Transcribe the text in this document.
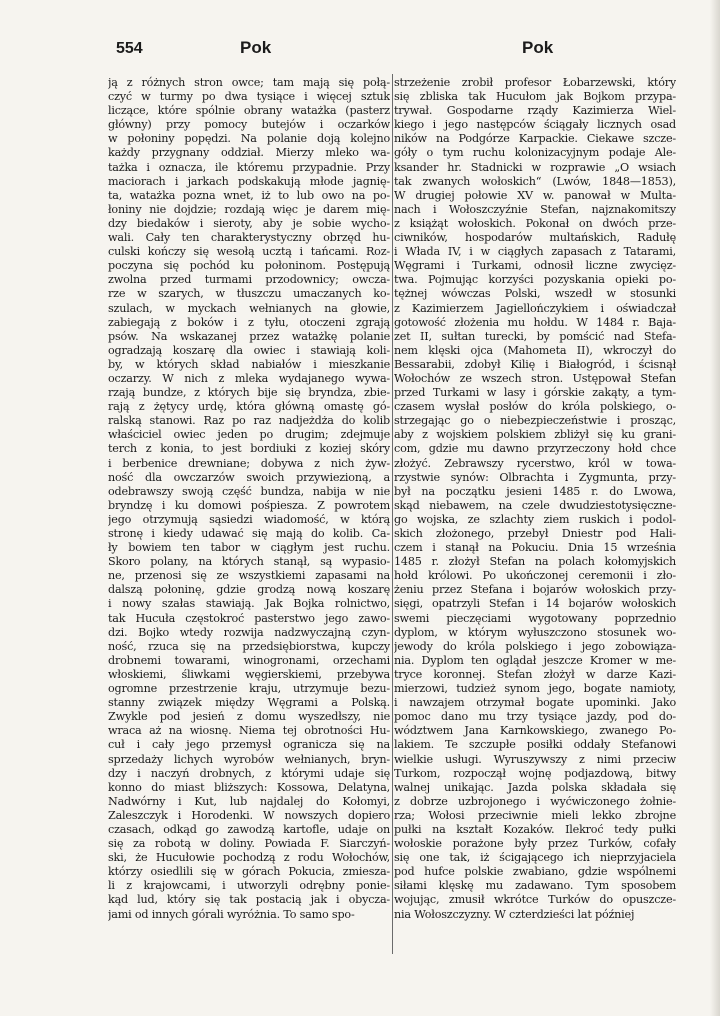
554	Pok	Pok
ją z różnych stron owce; tam mają się połą-
czyć w turmy po dwa tysiące i więcej sztuk
liczące, które spólnie obrany watażka (pasterz
główny) przy pomocy butejów i oczarków
w połoniny popędzi. Na polanie doją kolejno
każdy przygnany oddział. Mierzy mleko wa-
tażka i oznacza, ile któremu przypadnie. Przy
maciorach i jarkach podskakują młode jagnię-
ta, watażka pozna wnet, iż to lub owo na po-
łoniny nie dojdzie; rozdają więc je darem mię-
dzy biedaków i sieroty, aby je sobie wycho-
wali. Cały ten charakterystyczny obrzęd hu-
culski kończy się wesołą ucztą i tańcami. Roz-
poczyna się pochód ku połoninom. Postępują
zwolna przed turmami przodownicy; owcza-
rze w szarych, w tłuszczu umaczanych ko-
szulach, w myckach wełnianych na głowie,
zabiegają z boków i z tyłu, otoczeni zgrają
psów. Na wskazanej przez watażkę polanie
ogradzają koszarę dla owiec i stawiają koli-
by, w których skład nabiałów i mieszkanie
oczarzy. W nich z mleka wydajanego wywa-
rzają bundze, z których bije się bryndza, zbie-
rają z żętycy urdę, która główną omastę gó-
ralską stanowi. Raz po raz nadjeżdża do kolib
właściciel owiec jeden po drugim; zdejmuje
terch z konia, to jest bordiuki z koziej skóry
i berbenice drewniane; dobywa z nich żyw-
ność dla owczarzów swoich przywiezioną, a
odebrawszy swoją część bundza, nabija w nie
bryndzę i ku domowi pośpiesza. Z powrotem
jego otrzymują sąsiedzi wiadomość, w którą
stronę i kiedy udawać się mają do kolib. Ca-
ły bowiem ten tabor w ciągłym jest ruchu.
Skoro polany, na których stanął, są wypasio-
ne, przenosi się ze wszystkiemi zapasami na
dalszą połoninę, gdzie grodzą nową koszarę
i nowy szałas stawiają. Jak Bojka rolnictwo,
tak Hucuła częstokroć pasterstwo jego zawo-
dzi. Bojko wtedy rozwija nadzwyczajną czyn-
ność, rzuca się na przedsiębiorstwa, kupczy
drobnemi towarami, winogronami, orzechami
włoskiemi, śliwkami węgierskiemi, przebywa
ogromne przestrzenie kraju, utrzymuje bezu-
stanny związek między Węgrami a Polską.
Zwykle pod jesień z domu wyszedłszy, nie
wraca aż na wiosnę. Niema tej obrotności Hu-
cuł i cały jego przemysł ogranicza się na
sprzedaży lichych wyrobów wełnianych, bryn-
dzy i naczyń drobnych, z którymi udaje się
konno do miast bliższych: Kossowa, Delatyna,
Nadwórny i Kut, lub najdalej do Kołomyi,
Zaleszczyk i Horodenki. W nowszych dopiero
czasach, odkąd go zawodzą kartofle, udaje on
się za robotą w doliny. Powiada F. Siarczyń-
ski, że Hucułowie pochodzą z rodu Wołochów,
którzy osiedlili się w górach Pokucia, zmiesza-
li z krajowcami, i utworzyli odrębny ponie-
kąd lud, który się tak postacią jak i obycza-
jami od innych górali wyróżnia. To samo spo-
strzeżenie zrobił profesor Łobarzewski, który
się zbliska tak Hucułom jak Bojkom przypa-
trywał. Gospodarne rządy Kazimierza Wiel-
kiego i jego następców ściągały licznych osad
ników na Podgórze Karpackie. Ciekawe szcze-
góły o tym ruchu kolonizacyjnym podaje Ale-
ksander hr. Stadnicki w rozprawie „O wsiach
tak zwanych wołoskich“ (Lwów, 1848—1853),
W drugiej połowie XV w. panował w Multa-
nach i Wołoszczyźnie Stefan, najznakomitszy
z książąt wołoskich. Pokonał on dwóch prze-
ciwników, hospodarów multańskich, Radułę
i Włada IV, i w ciągłych zapasach z Tatarami,
Węgrami i Turkami, odnosił liczne zwycięz-
twa. Pojmując korzyści pozyskania opieki po-
tężnej wówczas Polski, wszedł w stosunki
z Kazimierzem Jagiellończykiem i oświadczał
gotowość złożenia mu hołdu. W 1484 r. Baja-
zet II, sułtan turecki, by pomścić nad Stefa-
nem klęski ojca (Mahometa II), wkroczył do
Bessarabii, zdobył Kilię i Białogród, i ścisnął
Wołochów ze wszech stron. Ustępował Stefan
przed Turkami w lasy i górskie zakąty, a tym-
czasem wysłał posłów do króla polskiego, o-
strzegając go o niebezpieczeństwie i prosząc,
aby z wojskiem polskiem zbliżył się ku grani-
com, gdzie mu dawno przyrzeczony hołd chce
złożyć. Zebrawszy rycerstwo, król w towa-
rzystwie synów: Olbrachta i Zygmunta, przy-
był na początku jesieni 1485 r. do Lwowa,
skąd niebawem, na czele dwudziestotysięczne-
go wojska, ze szlachty ziem ruskich i podol-
skich złożonego, przebył Dniestr pod Hali-
czem i stanął na Pokuciu. Dnia 15 września
1485 r. złożył Stefan na polach kołomyjskich
hołd królowi. Po ukończonej ceremonii i zło-
żeniu przez Stefana i bojarów wołoskich przy-
sięgi, opatrzyli Stefan i 14 bojarów wołoskich
swemi pieczęciami wygotowany poprzednio
dyplom, w którym wyłuszczono stosunek wo-
jewody do króla polskiego i jego zobowiąza-
nia. Dyplom ten oglądał jeszcze Kromer w me-
tryce koronnej. Stefan złożył w darze Kazi-
mierzowi, tudzież synom jego, bogate namioty,
i nawzajem otrzymał bogate upominki. Jako
pomoc dano mu trzy tysiące jazdy, pod do-
wództwem Jana Karnkowskiego, zwanego Po-
lakiem. Te szczupłe posiłki oddały Stefanowi
wielkie usługi. Wyruszywszy z nimi przeciw
Turkom, rozpoczął wojnę podjazdową, bitwy
walnej unikając. Jazda polska składała się
z dobrze uzbrojonego i wyćwiczonego żołnie-
rza; Wołosi przeciwnie mieli lekko zbrojne
pułki na kształt Kozaków. Ilekroć tedy pułki
wołoskie porażone były przez Turków, cofały
się one tak, iż ścigającego ich nieprzyjaciela
pod hufce polskie zwabiano, gdzie wspólnemi
siłami klęskę mu zadawano. Tym sposobem
wojując, zmusił wkrótce Turków do opuszcze-
nia Wołoszczyzny. W czterdzieści lat później
